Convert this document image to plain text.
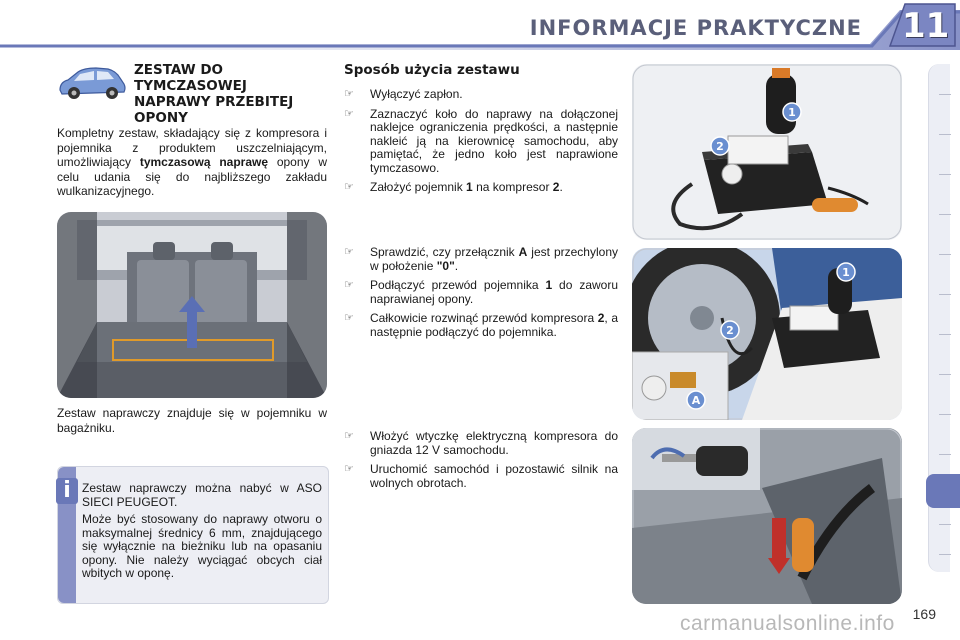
INFORMACJE PRAKTYCZNE 11
ZESTAW DO
TYMCZASOWEJ
NAPRAWY PRZEBITEJ
OPONY
Kompletny zestaw, składający się z kompresora i pojemnika z produktem uszczelniającym, umożliwiający tymczasową naprawę opony w celu udania się do najbliższego zakładu wulkanizacyjnego.
Zestaw naprawczy znajduje się w pojemniku w bagażniku.
i Zestaw naprawczy można nabyć w ASO SIECI PEUGEOT.

Może być stosowany do naprawy otworu o maksymalnej średnicy 6 mm, znajdującego się wyłącznie na bieżniku lub na opasaniu opony. Nie należy wyciągać obcych ciał wbitych w oponę.

Sposób użycia zestawu
☞ Wyłączyć zapłon.
☞ Zaznaczyć koło do naprawy na dołączonej naklejce ograniczenia prędkości, a następnie nakleić ją na kierownicę samochodu, aby pamiętać, że jedno koło jest naprawione tymczasowo.
☞ Założyć pojemnik 1 na kompresor 2.
☞ Sprawdzić, czy przełącznik A jest przechylony w położenie "0".
☞ Podłączyć przewód pojemnika 1 do zaworu naprawianej opony.
☞ Całkowicie rozwinąć przewód kompresora 2, a następnie podłączyć do pojemnika.
☞ Włożyć wtyczkę elektryczną kompresora do gniazda 12 V samochodu.
☞ Uruchomić samochód i pozostawić silnik na wolnych obrotach.
1
2
1
2
A
169
carmanualsonline.info
